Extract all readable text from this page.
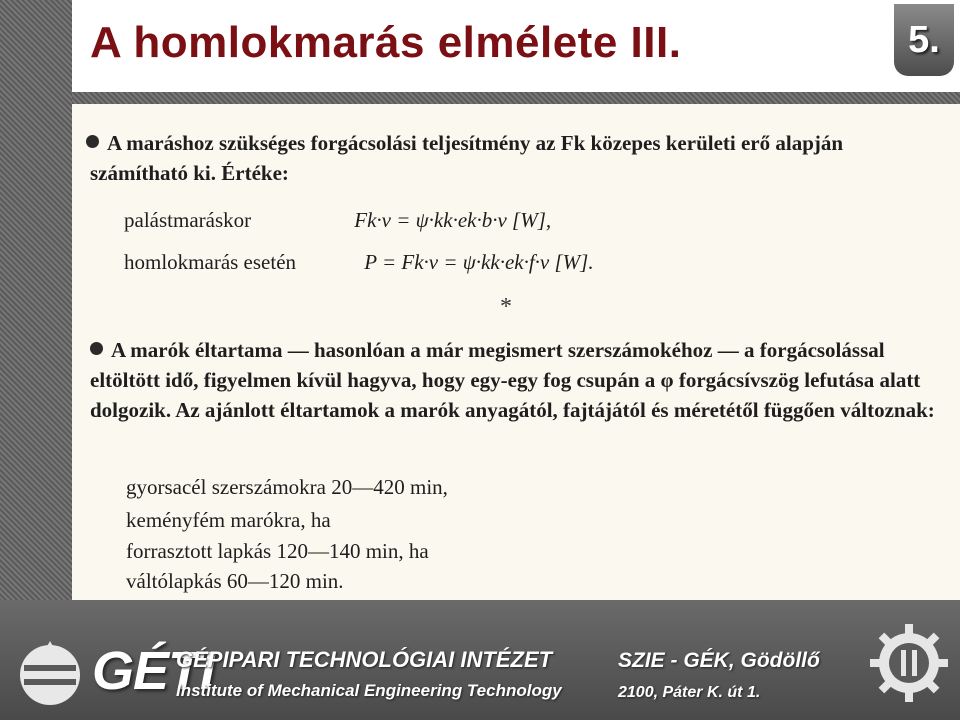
A homlokmarás elmélete III.	5.
A maráshoz szükséges forgácsolási teljesítmény az Fk közepes kerületi erő alapján számítható ki. Értéke:
palástmaráskor	Fk·v = ψ·kk·ek·b·v [W],
homlokmarás esetén	P = Fk·v = ψ·kk·ek·f·v [W].
*
A marók éltartama — hasonlóan a már megismert szerszámokéhoz — a forgácsolással eltöltött idő, figyelmen kívül hagyva, hogy egy-egy fog csupán a φ forgácsívszög lefutása alatt dolgozik. Az ajánlott éltartamok a marók anyagától, fajtájától és méretétől függően változnak:
gyorsacél szerszámokra 20—420 min,
keményfém marókra, ha
forrasztott lapkás 120—140 min, ha
váltólapkás 60—120 min.
GÉTI
GÉPIPARI TECHNOLÓGIAI INTÉZET
Institute of Mechanical Engineering Technology
SZIE - GÉK, Gödöllő
2100, Páter K. út 1.
